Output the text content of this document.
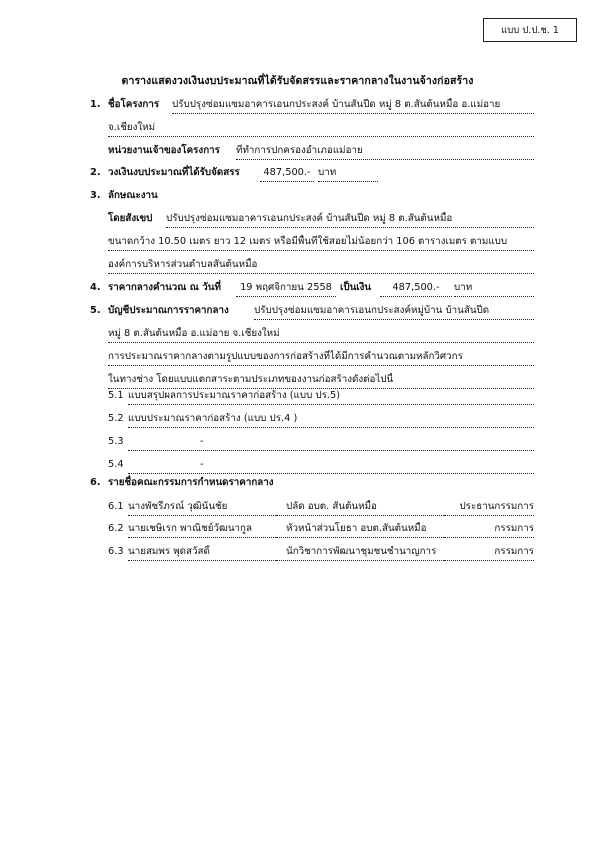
แบบ ป.ป.ช. 1
ตารางแสดงวงเงินงบประมาณที่ได้รับจัดสรรและราคากลางในงานจ้างก่อสร้าง
1. ชื่อโครงการ ปรับปรุงซ่อมแซมอาคารเอนกประสงค์ บ้านสันปีด หมู่ 8 ต.สันต้นหมื้อ อ.แม่อาย
จ.เชียงใหม่
หน่วยงานเจ้าของโครงการ ที่ทำการปกครองอำเภอแม่อาย
2. วงเงินงบประมาณที่ได้รับจัดสรร	487,500.- บาท
3. ลักษณะงาน
โดยสังเขป ปรับปรุงซ่อมแซมอาคารเอนกประสงค์ บ้านสันปีด หมู่ 8 ต.สันต้นหมื้อ
ขนาดกว้าง 10.50 เมตร ยาว 12 เมตร หรือมีพื้นที่ใช้สอยไม่น้อยกว่า 106 ตารางเมตร ตามแบบ
องค์การบริหารส่วนตำบลสันต้นหมื้อ
4. ราคากลางคำนวณ ณ วันที่	19 พฤศจิกายน 2558 เป็นเงิน	487,500.-	บาท
5. บัญชีประมาณการราคากลาง	ปรับปรุงซ่อมแซมอาคารเอนกประสงค์หมู่บ้าน บ้านสันปีด
หมู่ 8 ต.สันต้นหมื้อ อ.แม่อาย จ.เชียงใหม่
การประมาณราคากลางตามรูปแบบของการก่อสร้างที่ได้มีการคำนวณตามหลักวิศวกร
ในทางช่าง โดยแบบแตกสาระตามประเภทของงานก่อสร้างดังต่อไปนี้
5.1 แบบสรุปผลการประมาณราคาก่อสร้าง (แบบ ปร.5)
5.2 แบบประมาณราคาก่อสร้าง (แบบ ปร.4 )
5.3	-
5.4	-
6. รายชื่อคณะกรรมการกำหนดราคากลาง
6.1 นางพัชรีภรณ์ วุฒินันชัย	ปลัด อบต. สันต้นหมื้อ	ประธานกรรมการ
6.2 นายเชษิเรก พาณิชย์วัฒนากูล	หัวหน้าส่วนโยธา อบต.สันต้นหมื้อ	กรรมการ
6.3 นายสมพร พุดสวัสดิ์	นักวิชาการพัฒนาชุมชนชำนาญการ	กรรมการ
